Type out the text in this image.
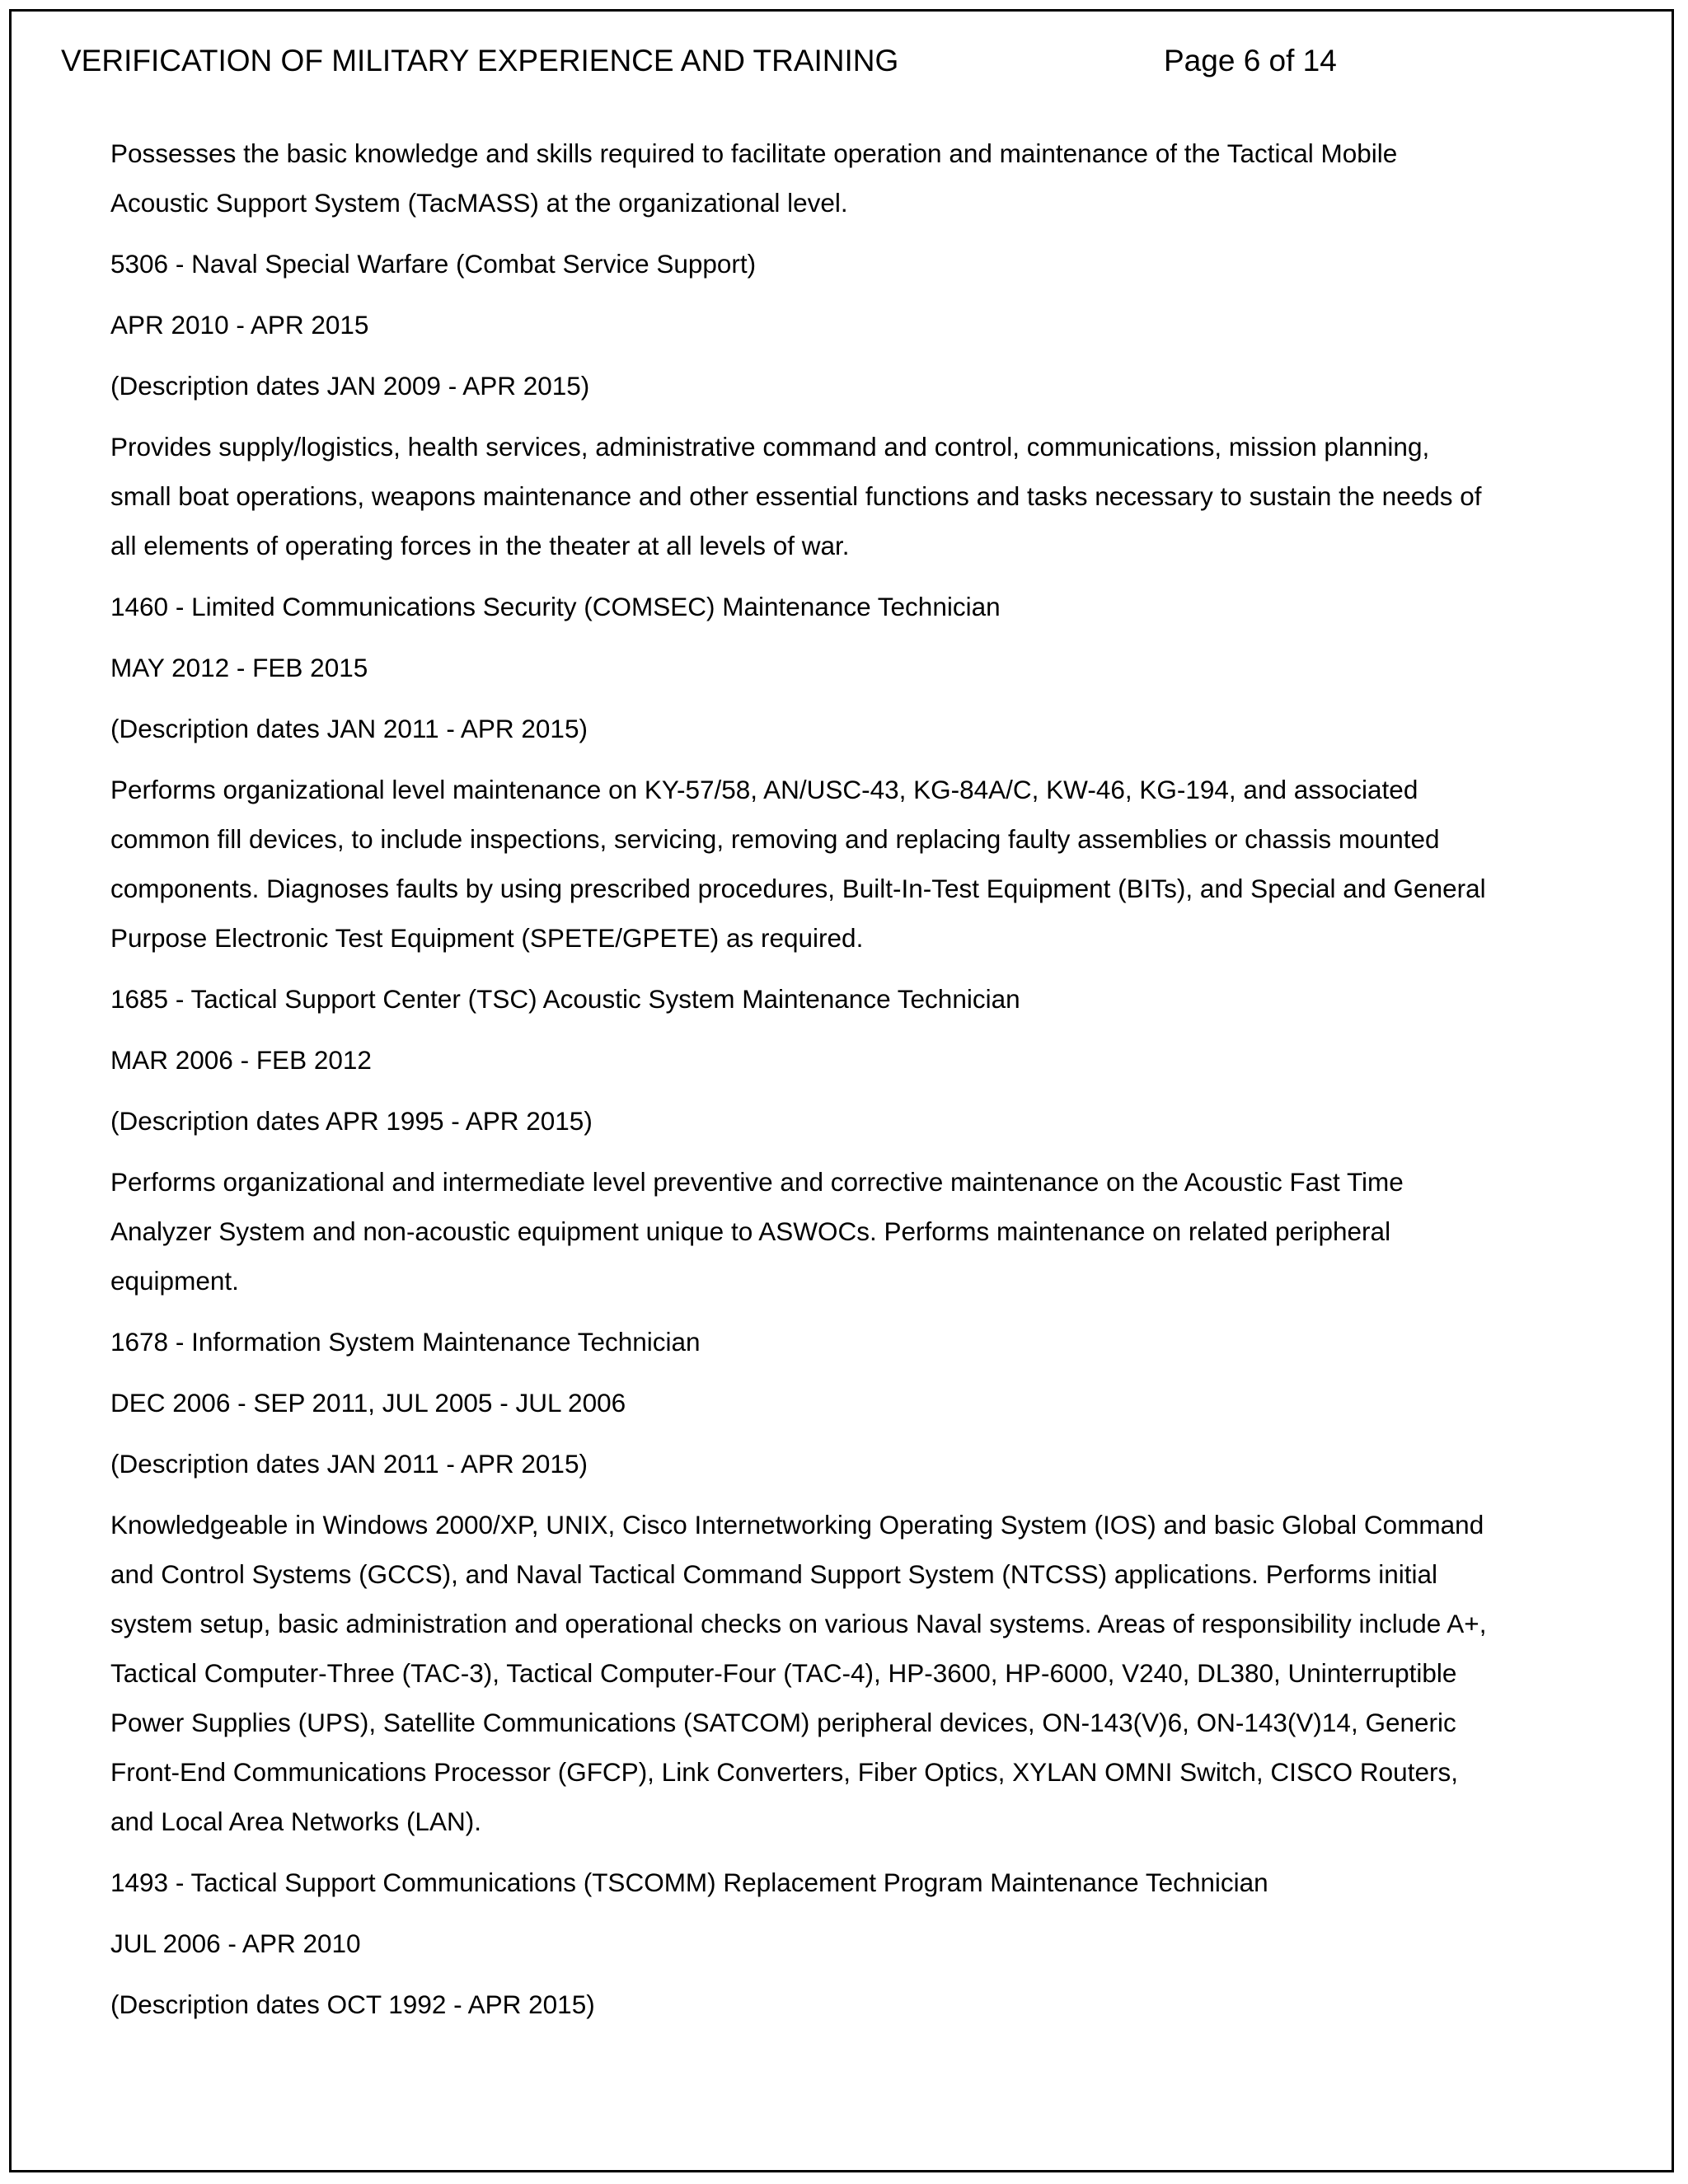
VERIFICATION OF MILITARY EXPERIENCE AND TRAINING	Page 6 of 14
Possesses the basic knowledge and skills required to facilitate operation and maintenance of the Tactical Mobile
Acoustic Support System (TacMASS) at the organizational level.
5306 - Naval Special Warfare (Combat Service Support)
APR 2010 - APR 2015
(Description dates JAN 2009 - APR 2015)
Provides supply/logistics, health services, administrative command and control, communications, mission planning,
small boat operations, weapons maintenance and other essential functions and tasks necessary to sustain the needs of
all elements of operating forces in the theater at all levels of war.
1460 - Limited Communications Security (COMSEC) Maintenance Technician
MAY 2012 - FEB 2015
(Description dates JAN 2011 - APR 2015)
Performs organizational level maintenance on KY-57/58, AN/USC-43, KG-84A/C, KW-46, KG-194, and associated
common fill devices, to include inspections, servicing, removing and replacing faulty assemblies or chassis mounted
components. Diagnoses faults by using prescribed procedures, Built-In-Test Equipment (BITs), and Special and General
Purpose Electronic Test Equipment (SPETE/GPETE) as required.
1685 - Tactical Support Center (TSC) Acoustic System Maintenance Technician
MAR 2006 - FEB 2012
(Description dates APR 1995 - APR 2015)
Performs organizational and intermediate level preventive and corrective maintenance on the Acoustic Fast Time
Analyzer System and non-acoustic equipment unique to ASWOCs. Performs maintenance on related peripheral
equipment.
1678 - Information System Maintenance Technician
DEC 2006 - SEP 2011, JUL 2005 - JUL 2006
(Description dates JAN 2011 - APR 2015)
Knowledgeable in Windows 2000/XP, UNIX, Cisco Internetworking Operating System (IOS) and basic Global Command
and Control Systems (GCCS), and Naval Tactical Command Support System (NTCSS) applications. Performs initial
system setup, basic administration and operational checks on various Naval systems. Areas of responsibility include A+,
Tactical Computer-Three (TAC-3), Tactical Computer-Four (TAC-4), HP-3600, HP-6000, V240, DL380, Uninterruptible
Power Supplies (UPS), Satellite Communications (SATCOM) peripheral devices, ON-143(V)6, ON-143(V)14, Generic
Front-End Communications Processor (GFCP), Link Converters, Fiber Optics, XYLAN OMNI Switch, CISCO Routers,
and Local Area Networks (LAN).
1493 - Tactical Support Communications (TSCOMM) Replacement Program Maintenance Technician
JUL 2006 - APR 2010
(Description dates OCT 1992 - APR 2015)
